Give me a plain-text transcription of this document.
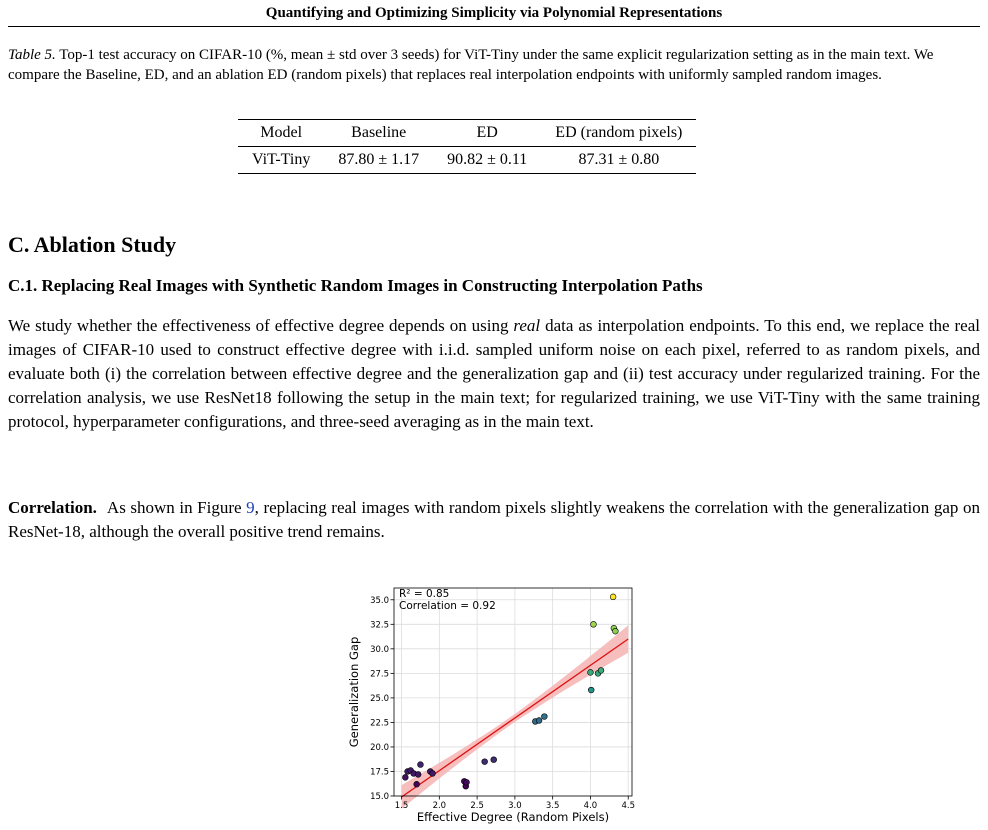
Quantifying and Optimizing Simplicity via Polynomial Representations
Table 5. Top-1 test accuracy on CIFAR-10 (%, mean ± std over 3 seeds) for ViT-Tiny under the same explicit regularization setting as in the main text. We compare the Baseline, ED, and an ablation ED (random pixels) that replaces real interpolation endpoints with uniformly sampled random images.
Model	Baseline	ED	ED (random pixels)
ViT-Tiny	87.80 ± 1.17	90.82 ± 0.11	87.31 ± 0.80
C. Ablation Study
C.1. Replacing Real Images with Synthetic Random Images in Constructing Interpolation Paths
We study whether the effectiveness of effective degree depends on using real data as interpolation endpoints. To this end, we replace the real images of CIFAR-10 used to construct effective degree with i.i.d. sampled uniform noise on each pixel, referred to as random pixels, and evaluate both (i) the correlation between effective degree and the generalization gap and (ii) test accuracy under regularized training. For the correlation analysis, we use ResNet18 following the setup in the main text; for regularized training, we use ViT-Tiny with the same training protocol, hyperparameter configurations, and three-seed averaging as in the main text.
Correlation. As shown in Figure 9, replacing real images with random pixels slightly weakens the correlation with the generalization gap on ResNet-18, although the overall positive trend remains.
1.5	2.0	2.5	3.0	3.5	4.0	4.5
15.0
17.5
20.0
22.5
25.0
27.5
30.0
32.5
35.0
R² = 0.85
Correlation = 0.92
Effective Degree (Random Pixels)
Generalization Gap
